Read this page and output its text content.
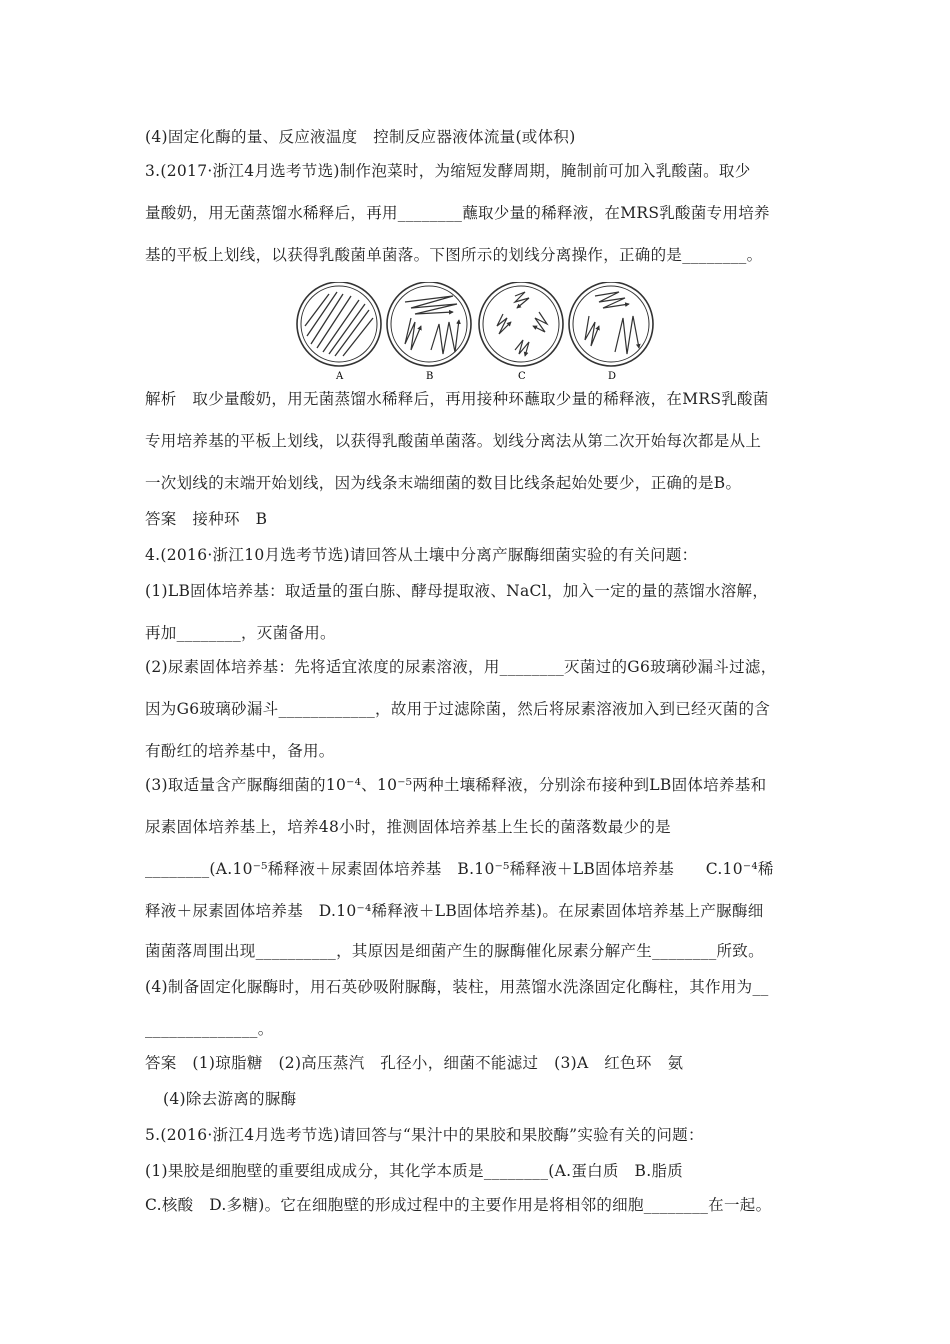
(4)固定化酶的量、反应液温度　控制反应器液体流量(或体积)
3.(2017·浙江4月选考节选)制作泡菜时，为缩短发酵周期，腌制前可加入乳酸菌。取少
量酸奶，用无菌蒸馏水稀释后，再用________蘸取少量的稀释液，在MRS乳酸菌专用培养
基的平板上划线，以获得乳酸菌单菌落。下图所示的划线分离操作，正确的是________。
A	B	C	D
解析　取少量酸奶，用无菌蒸馏水稀释后，再用接种环蘸取少量的稀释液，在MRS乳酸菌
专用培养基的平板上划线，以获得乳酸菌单菌落。划线分离法从第二次开始每次都是从上
一次划线的末端开始划线，因为线条末端细菌的数目比线条起始处要少，正确的是B。
答案　接种环　B
4.(2016·浙江10月选考节选)请回答从土壤中分离产脲酶细菌实验的有关问题：
(1)LB固体培养基：取适量的蛋白胨、酵母提取液、NaCl，加入一定的量的蒸馏水溶解，
再加________，灭菌备用。
(2)尿素固体培养基：先将适宜浓度的尿素溶液，用________灭菌过的G6玻璃砂漏斗过滤，
因为G6玻璃砂漏斗____________，故用于过滤除菌，然后将尿素溶液加入到已经灭菌的含
有酚红的培养基中，备用。
(3)取适量含产脲酶细菌的10⁻⁴、10⁻⁵两种土壤稀释液，分别涂布接种到LB固体培养基和
尿素固体培养基上，培养48小时，推测固体培养基上生长的菌落数最少的是
________(A.10⁻⁵稀释液＋尿素固体培养基　B.10⁻⁵稀释液＋LB固体培养基　　C.10⁻⁴稀
释液＋尿素固体培养基　D.10⁻⁴稀释液＋LB固体培养基)。在尿素固体培养基上产脲酶细
菌菌落周围出现__________，其原因是细菌产生的脲酶催化尿素分解产生________所致。
(4)制备固定化脲酶时，用石英砂吸附脲酶，装柱，用蒸馏水洗涤固定化酶柱，其作用为__
______________。
答案　(1)琼脂糖　(2)高压蒸汽　孔径小，细菌不能滤过　(3)A　红色环　氨
(4)除去游离的脲酶
5.(2016·浙江4月选考节选)请回答与“果汁中的果胶和果胶酶”实验有关的问题：
(1)果胶是细胞壁的重要组成成分，其化学本质是________(A.蛋白质　B.脂质
C.核酸　D.多糖)。它在细胞壁的形成过程中的主要作用是将相邻的细胞________在一起。
